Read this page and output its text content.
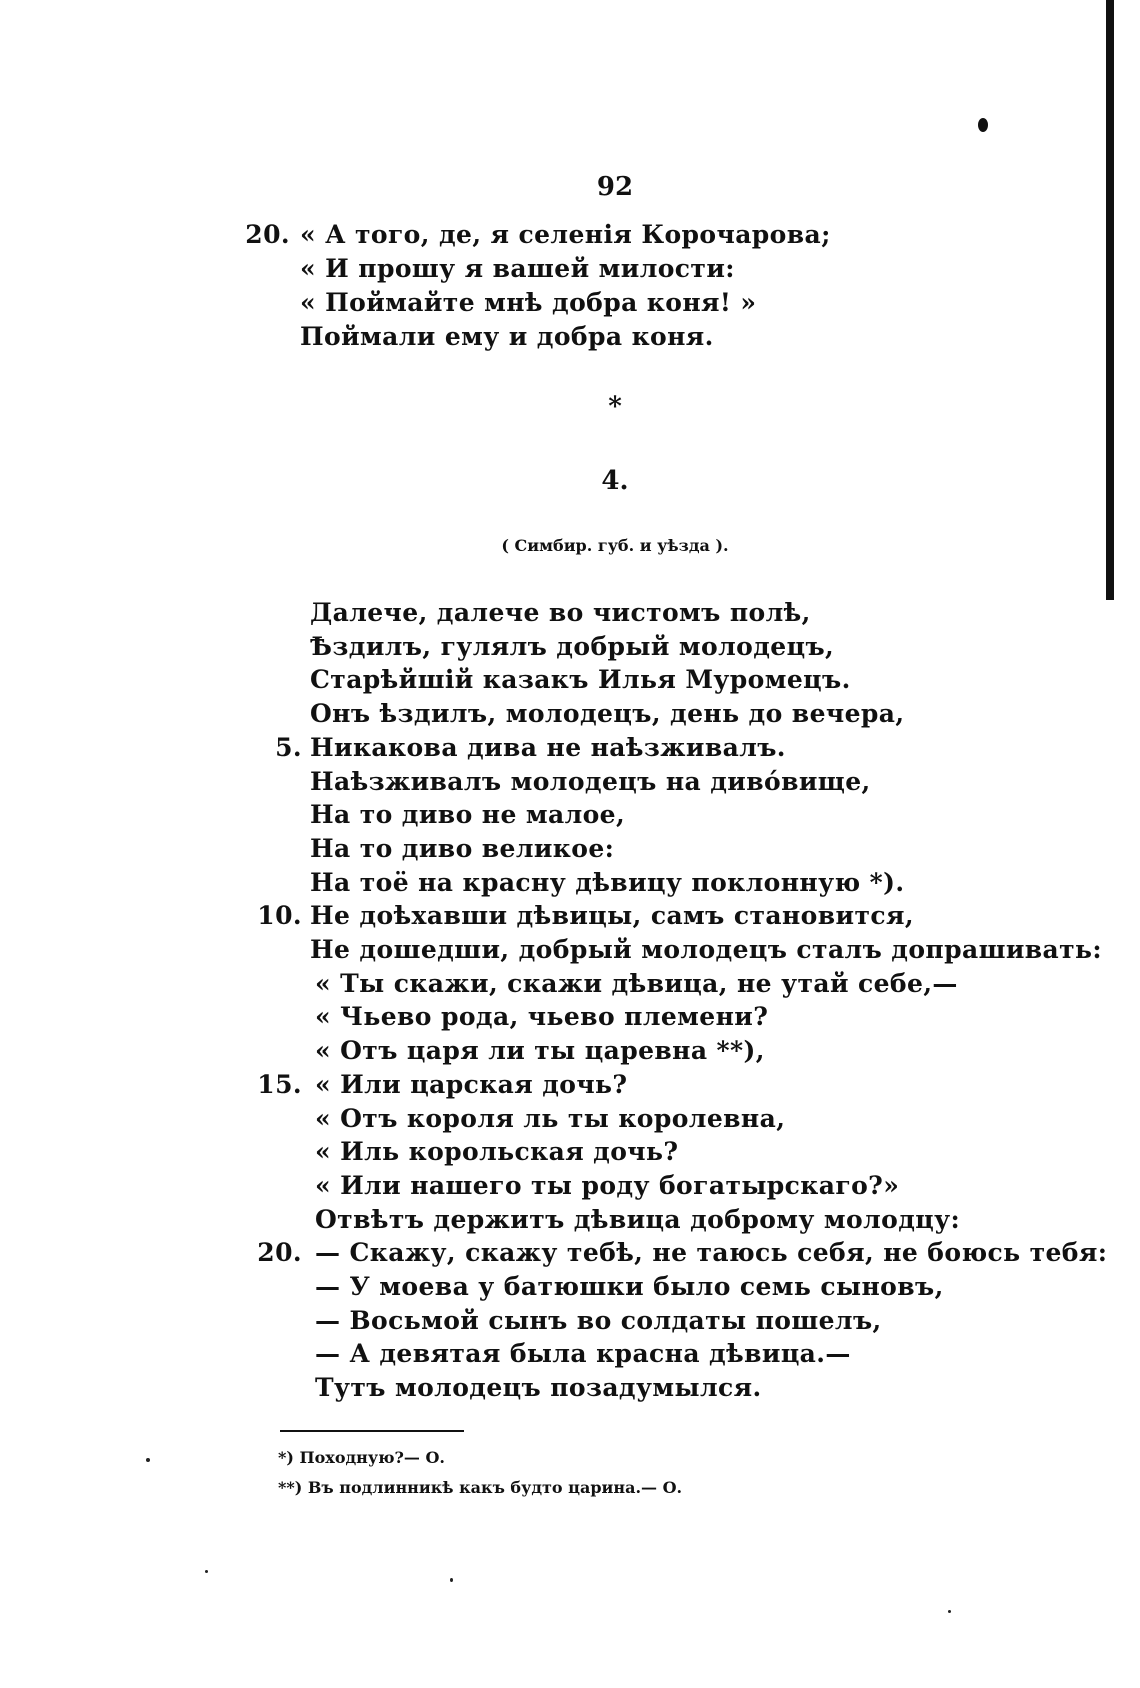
92
20. « А того, де, я селенія Корочарова;
« И прошу я вашей милости:
« Поймайте мнѣ добра коня! »
Поймали ему и добра коня.
*
4.
( Симбир. губ. и уѣзда ).
Далече, далече во чистомъ полѣ,
Ѣздилъ, гулялъ добрый молодецъ,
Старѣйшій казакъ Илья Муромецъ.
Онъ ѣздилъ, молодецъ, день до вечера,
5. Никакова дива не наѣзживалъ.
Наѣзживалъ молодецъ на диво́вище,
На то диво не малое,
На то диво великое:
На тоё на красну дѣвицу поклонную *).
10. Не доѣхавши дѣвицы, самъ становится,
Не дошедши, добрый молодецъ сталъ допрашивать:
« Ты скажи, скажи дѣвица, не утай себе,—
« Чьево рода, чьево племени?
« Отъ царя ли ты царевна **),
15. « Или царская дочь?
« Отъ короля ль ты королевна,
« Иль корольская дочь?
« Или нашего ты роду богатырскаго?»
Отвѣтъ держитъ дѣвица доброму молодцу:
20. — Скажу, скажу тебѣ, не таюсь себя, не боюсь тебя:
— У моева у батюшки было семь сыновъ,
— Восьмой сынъ во солдаты пошелъ,
— А девятая была красна дѣвица.—
Тутъ молодецъ позадумылся.
*) Походную?— О.
**) Въ подлинникѣ какъ будто царина.— О.
